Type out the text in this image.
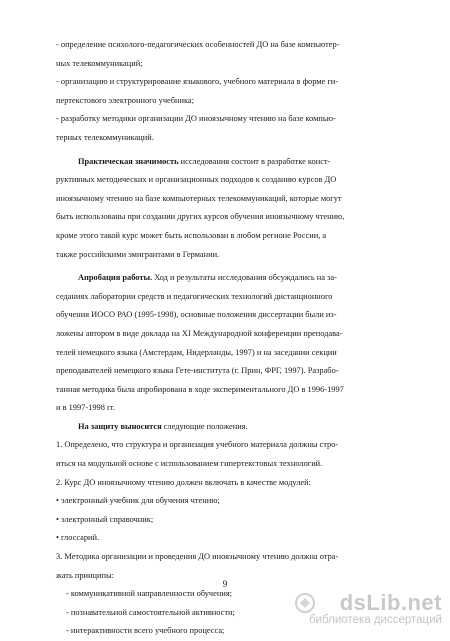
- определение психолого-педагогических особенностей ДО на базе компьютер-
ных телекоммуникаций;
- организацию и структурирование языкового, учебного материала в форме ги-
пертекстового электронного учебника;
- разработку методики организации ДО иноязычному чтению на базе компью-
терных телекоммуникаций.
Практическая значимость исследования состоит в разработке конст-
руктивных методических и организационных подходов к созданию курсов ДО
иноязычному чтению на базе компьютерных телекоммуникаций, которые могут
быть использованы при создании других курсов обучения иноязычному чтению,
кроме этого такой курс может быть использован в любом регионе России, а
также российскими эмигрантами в Германии.
Апробация работы. Ход и результаты исследования обсуждались на за-
седаниях лаборатории средств и педагогических технологий дистанционного
обучения ИОСО РАО (1995-1998), основные положения диссертации были из-
ложены автором в виде доклада на XI Международной конференции преподава-
телей немецкого языка (Амстердам, Нидерланды, 1997) и на заседании секции
преподавателей немецкого языка Гете-института (г. Прин, ФРГ, 1997). Разрабо-
танная методика была апробирована в ходе экспериментального ДО в 1996-1997
и в 1997-1998 гг.
На защиту выносится следующие положения.
1. Определено, что структура и организация учебного материала должны стро-
иться на модульной основе с использованием гипертекстовых технологий.
2. Курс ДО иноязычному чтению должен включать в качестве модулей:
• электронный учебник для обучения чтению;
• электронный справочник;
• глоссарий.
3. Методика организации и проведения ДО иноязычному чтению должна отра-
жать принципы:
- коммуникативной направленности обучения;
- познавательной самостоятельной активности;
- интерактивности всего учебного процесса;
9
dsLib.net
библиотека диссертаций
